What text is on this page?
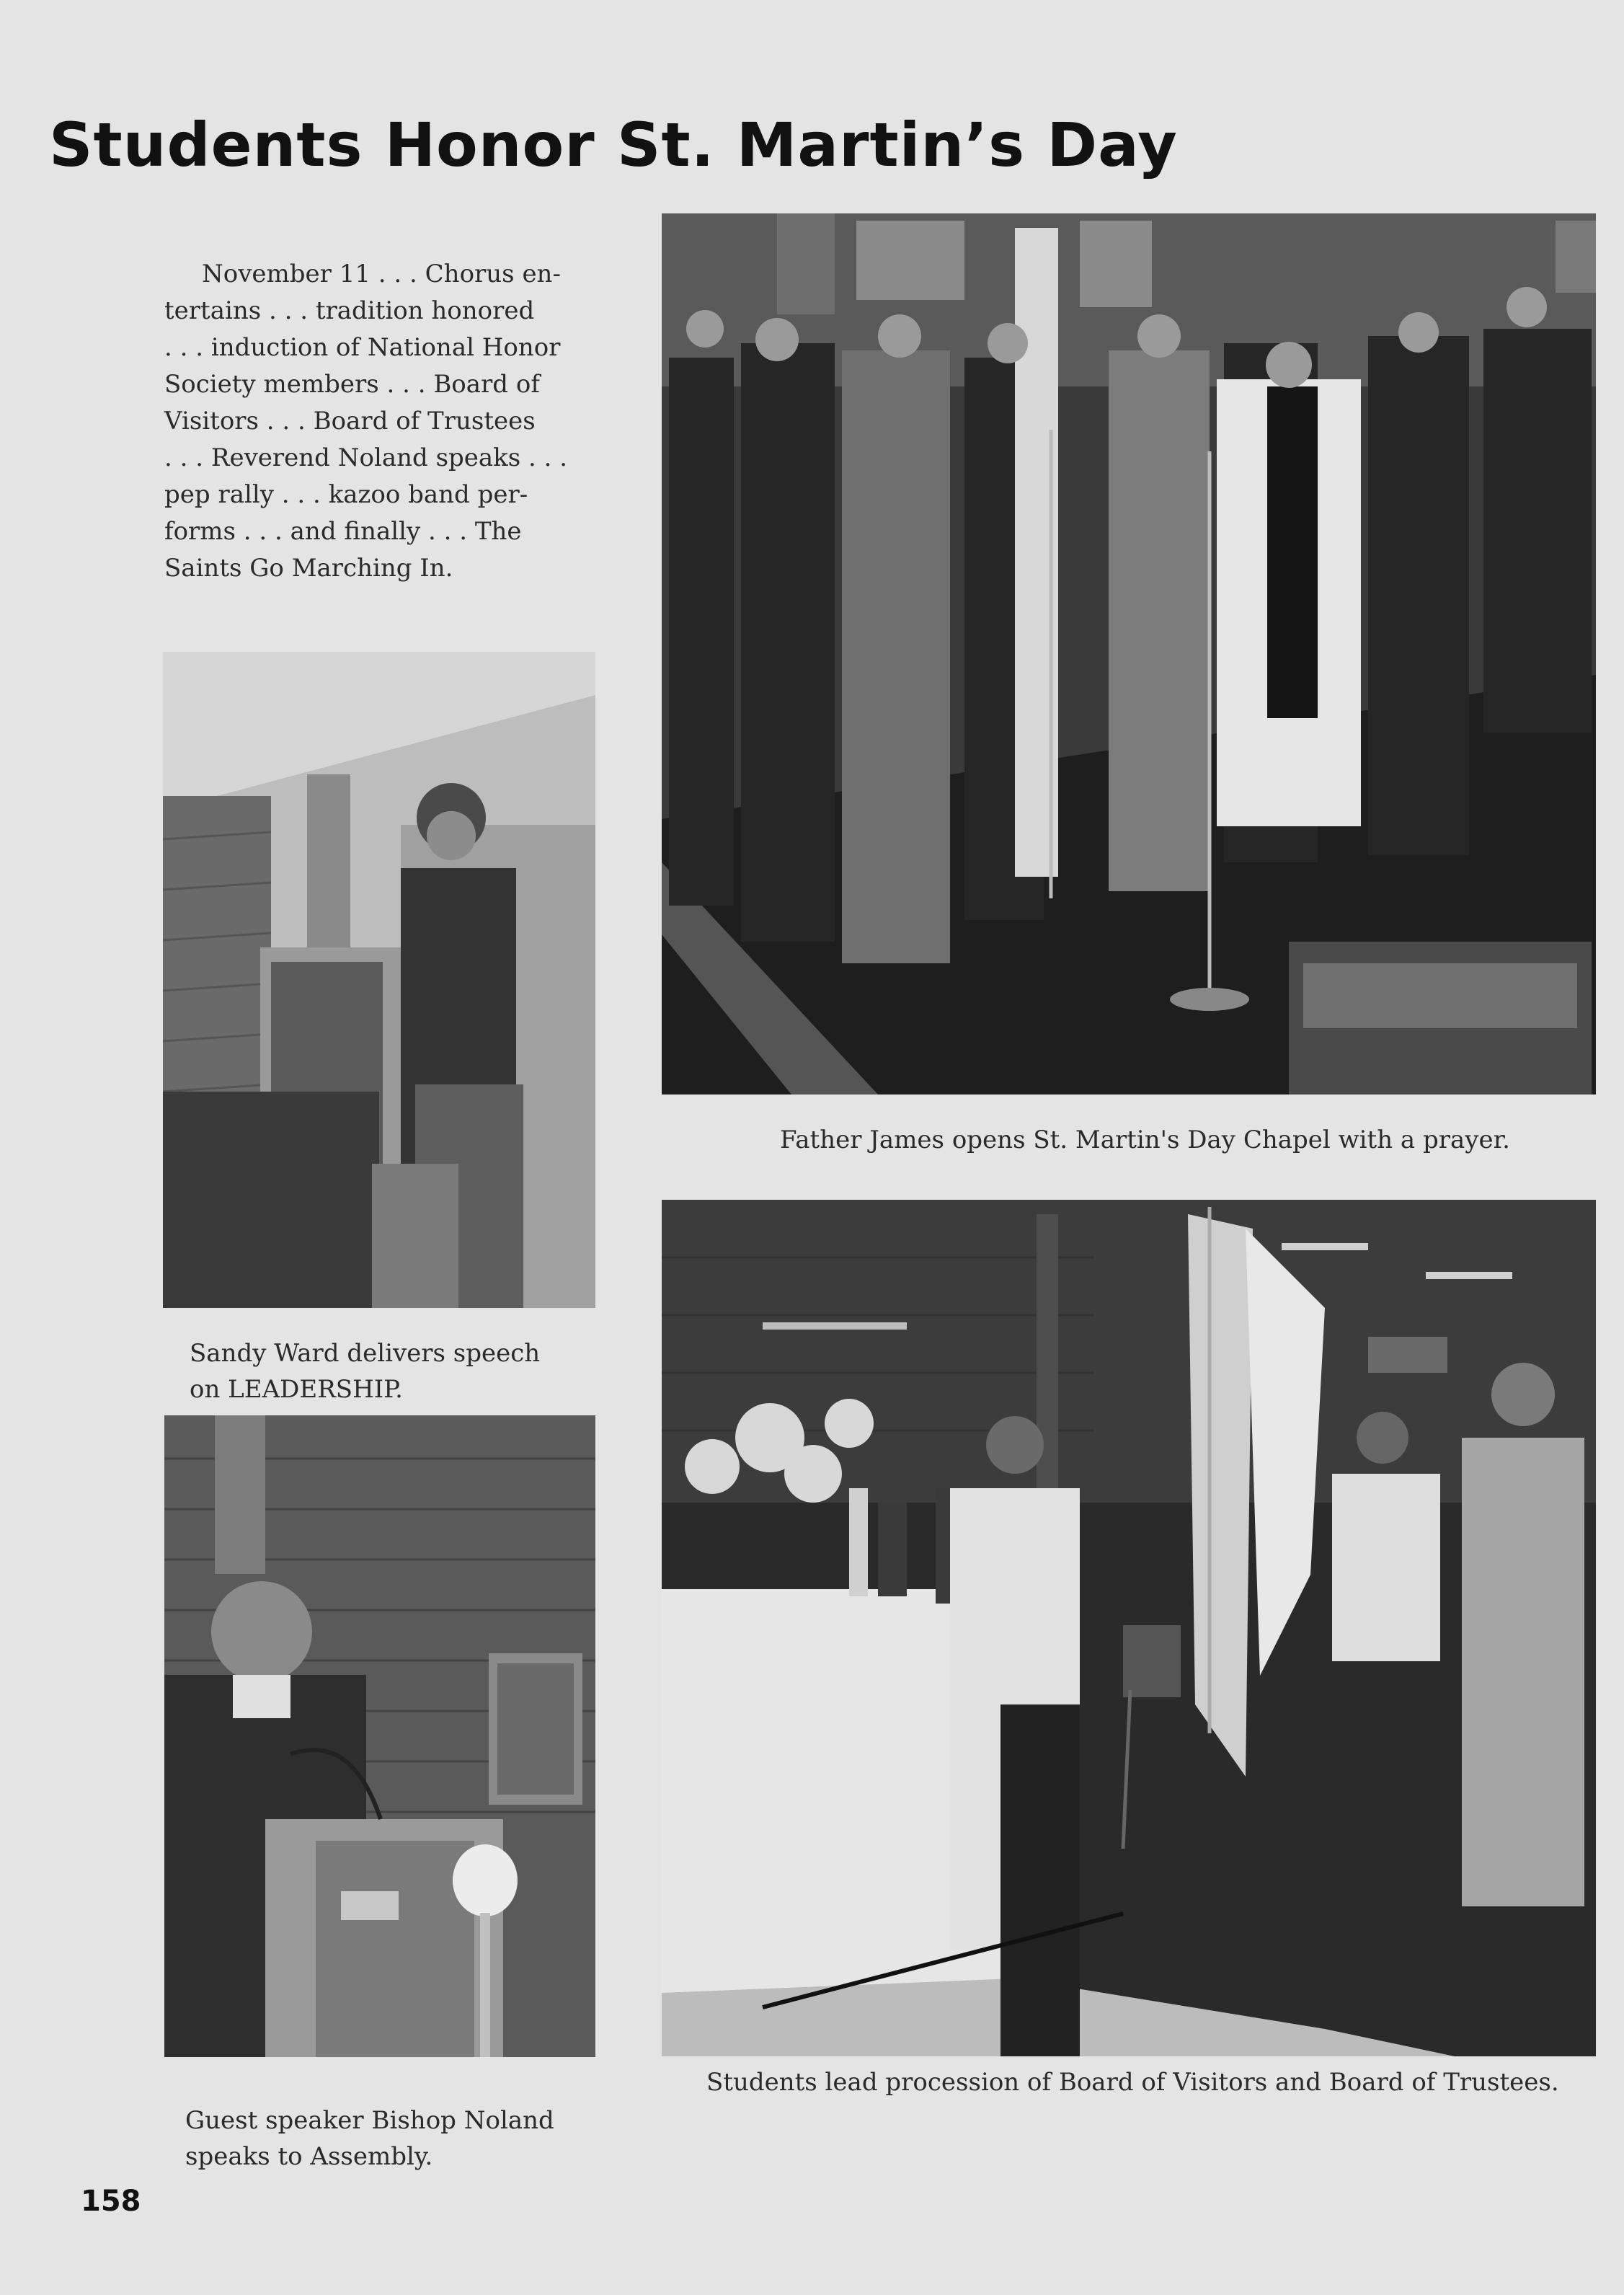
Students Honor St. Martin’s Day
November 11 . . . Chorus en-
tertains . . . tradition honored
. . . induction of National Honor
Society members . . . Board of
Visitors . . . Board of Trustees
. . . Reverend Noland speaks . . .
pep rally . . . kazoo band per-
forms . . . and finally . . . The
Saints Go Marching In.
Father James opens St. Martin's Day Chapel with a prayer.
Sandy Ward delivers speech
on LEADERSHIP.
Guest speaker Bishop Noland
speaks to Assembly.
Students lead procession of Board of Visitors and Board of Trustees.
158
